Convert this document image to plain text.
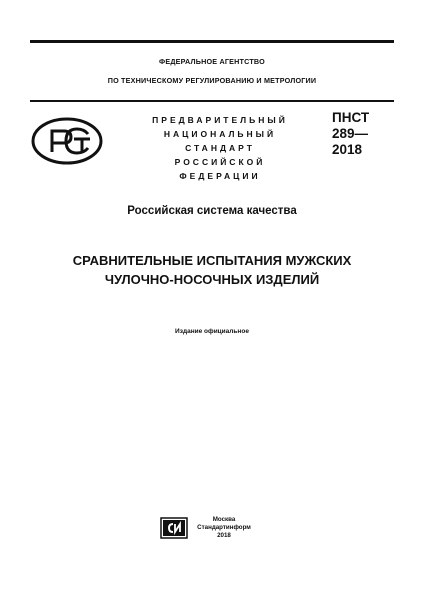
ФЕДЕРАЛЬНОЕ АГЕНТСТВО
ПО ТЕХНИЧЕСКОМУ РЕГУЛИРОВАНИЮ И МЕТРОЛОГИИ
ПРЕДВАРИТЕЛЬНЫЙ
НАЦИОНАЛЬНЫЙ
СТАНДАРТ
РОССИЙСКОЙ
ФЕДЕРАЦИИ
ПНСТ
289—
2018
Российская система качества
СРАВНИТЕЛЬНЫЕ ИСПЫТАНИЯ МУЖСКИХ
ЧУЛОЧНО-НОСОЧНЫХ ИЗДЕЛИЙ
Издание официальное
Москва
Стандартинформ
2018
